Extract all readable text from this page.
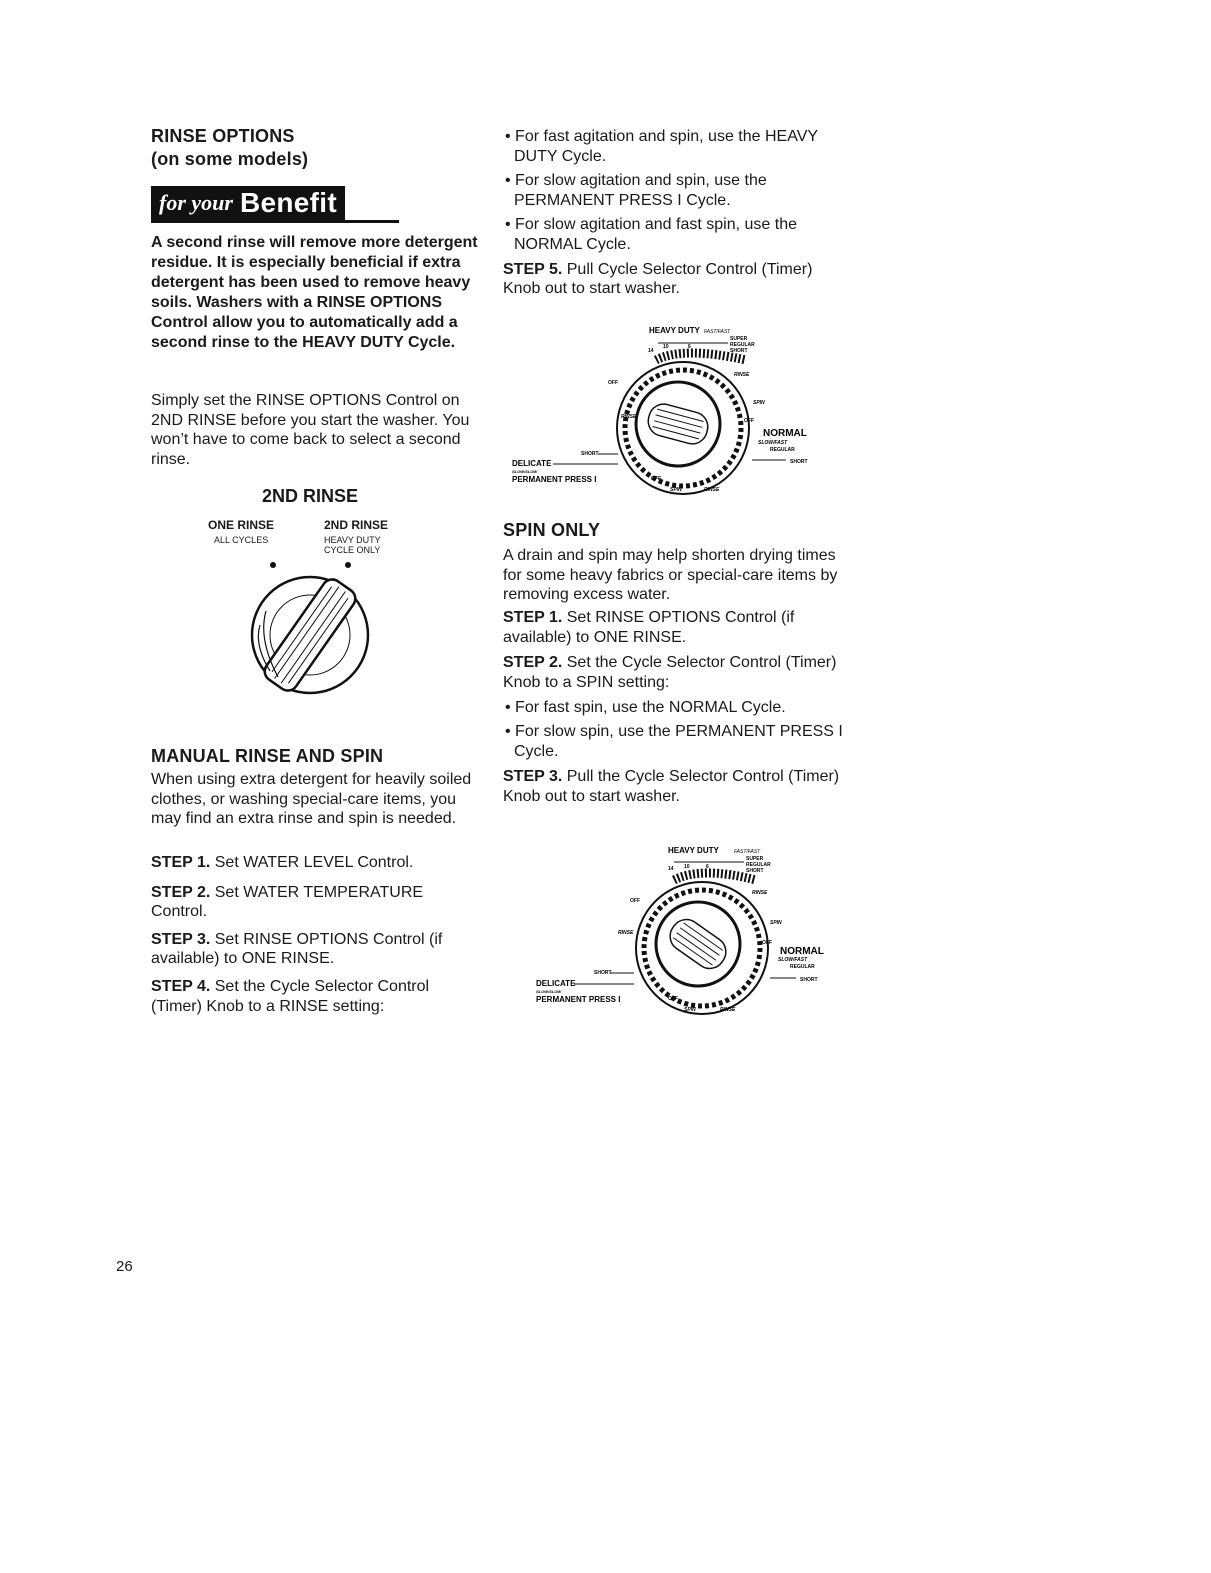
RINSE OPTIONS
(on some models)
for your Benefit
A second rinse will remove more detergent residue. It is especially beneficial if extra detergent has been used to remove heavy soils. Washers with a RINSE OPTIONS Control allow you to automatically add a second rinse to the HEAVY DUTY Cycle.
Simply set the RINSE OPTIONS Control on 2ND RINSE before you start the washer. You won’t have to come back to select a second rinse.
2ND RINSE
ONE RINSE
ALL CYCLES
2ND RINSE
HEAVY DUTY
CYCLE ONLY
MANUAL RINSE AND SPIN
When using extra detergent for heavily soiled clothes, or washing special-care items, you may find an extra rinse and spin is needed.

STEP 1. Set WATER LEVEL Control.

STEP 2. Set WATER TEMPERATURE Control.

STEP 3. Set RINSE OPTIONS Control (if available) to ONE RINSE.

STEP 4. Set the Cycle Selector Control (Timer) Knob to a RINSE setting:

• For fast agitation and spin, use the HEAVY DUTY Cycle.

• For slow agitation and spin, use the PERMANENT PRESS I Cycle.

• For slow agitation and fast spin, use the NORMAL Cycle.

STEP 5. Pull Cycle Selector Control (Timer) Knob out to start washer.

HEAVY DUTY FAST/FAST
SUPER
REGULAR
SHORT
14
10	6
OFF
RINSE
RINSE
SPIN
OFF
NORMAL
SLOW/FAST
REGULAR
SHORT
SHORT
DELICATE
SLOW/SLOW
PERMANENT PRESS I	OFF
SPIN	RINSE
SPIN ONLY
A drain and spin may help shorten drying times for some heavy fabrics or special-care items by removing excess water.

STEP 1. Set RINSE OPTIONS Control (if available) to ONE RINSE.

STEP 2. Set the Cycle Selector Control (Timer) Knob to a SPIN setting:

• For fast spin, use the NORMAL Cycle.

• For slow spin, use the PERMANENT PRESS I Cycle.

STEP 3. Pull the Cycle Selector Control (Timer) Knob out to start washer.

HEAVY DUTY	FAST/FAST
SUPER
REGULAR
SHORT
14 10	6
OFF
RINSE
RINSE
SPIN
OFF
NORMAL
SLOW/FAST
REGULAR
SHORT
SHORT
DELICATE
SLOW/SLOW
PERMANENT PRESS I	OFF
SPIN	RINSE
26
